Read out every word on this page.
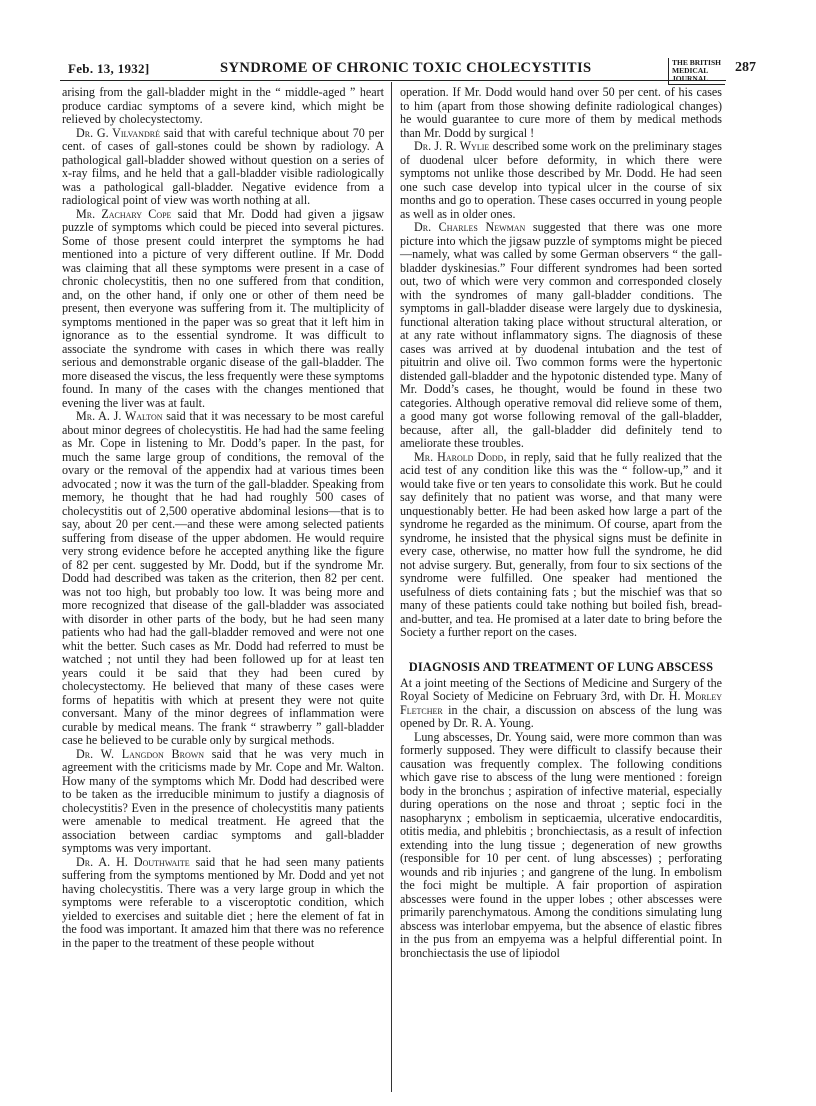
Feb. 13, 1932]	SYNDROME OF CHRONIC TOXIC CHOLECYSTITIS	THE BRITISH
MEDICAL JOURNAL
287

arising from the gall-bladder might in the “ middle-aged ” heart produce cardiac symptoms of a severe kind, which might be relieved by cholecystectomy.

Dr. G. Vilvandré said that with careful technique about 70 per cent. of cases of gall-stones could be shown by radiology. A pathological gall-bladder showed without question on a series of x-ray films, and he held that a gall-bladder visible radiologically was a pathological gall-bladder. Negative evidence from a radiological point of view was worth nothing at all.

Mr. Zachary Cope said that Mr. Dodd had given a jigsaw puzzle of symptoms which could be pieced into several pictures. Some of those present could interpret the symptoms he had mentioned into a picture of very different outline. If Mr. Dodd was claiming that all these symptoms were present in a case of chronic cholecystitis, then no one suffered from that condition, and, on the other hand, if only one or other of them need be present, then everyone was suffering from it. The multiplicity of symptoms mentioned in the paper was so great that it left him in ignorance as to the essential syndrome. It was difficult to associate the syndrome with cases in which there was really serious and demonstrable organic disease of the gall-bladder. The more diseased the viscus, the less frequently were these symptoms found. In many of the cases with the changes mentioned that evening the liver was at fault.

Mr. A. J. Walton said that it was necessary to be most careful about minor degrees of cholecystitis. He had had the same feeling as Mr. Cope in listening to Mr. Dodd’s paper. In the past, for much the same large group of conditions, the removal of the ovary or the removal of the appendix had at various times been advocated ; now it was the turn of the gall-bladder. Speaking from memory, he thought that he had had roughly 500 cases of cholecystitis out of 2,500 operative abdominal lesions—that is to say, about 20 per cent.—and these were among selected patients suffering from disease of the upper abdomen. He would require very strong evidence before he accepted anything like the figure of 82 per cent. suggested by Mr. Dodd, but if the syndrome Mr. Dodd had described was taken as the criterion, then 82 per cent. was not too high, but probably too low. It was being more and more recognized that disease of the gall-bladder was associated with disorder in other parts of the body, but he had seen many patients who had had the gall-bladder removed and were not one whit the better. Such cases as Mr. Dodd had referred to must be watched ; not until they had been followed up for at least ten years could it be said that they had been cured by cholecystectomy. He believed that many of these cases were forms of hepatitis with which at present they were not quite conversant. Many of the minor degrees of inflammation were curable by medical means. The frank “ strawberry ” gall-bladder case he believed to be curable only by surgical methods.

Dr. W. Langdon Brown said that he was very much in agreement with the criticisms made by Mr. Cope and Mr. Walton. How many of the symptoms which Mr. Dodd had described were to be taken as the irreducible minimum to justify a diagnosis of cholecystitis? Even in the presence of cholecystitis many patients were amenable to medical treatment. He agreed that the association between cardiac symptoms and gall-bladder symptoms was very important.

Dr. A. H. Douthwaite said that he had seen many patients suffering from the symptoms mentioned by Mr. Dodd and yet not having cholecystitis. There was a very large group in which the symptoms were referable to a visceroptotic condition, which yielded to exercises and suitable diet ; here the element of fat in the food was important. It amazed him that there was no reference in the paper to the treatment of these people without

operation. If Mr. Dodd would hand over 50 per cent. of his cases to him (apart from those showing definite radiological changes) he would guarantee to cure more of them by medical methods than Mr. Dodd by surgical !

Dr. J. R. Wylie described some work on the preliminary stages of duodenal ulcer before deformity, in which there were symptoms not unlike those described by Mr. Dodd. He had seen one such case develop into typical ulcer in the course of six months and go to operation. These cases occurred in young people as well as in older ones.

Dr. Charles Newman suggested that there was one more picture into which the jigsaw puzzle of symptoms might be pieced—namely, what was called by some German observers “ the gall-bladder dyskinesias.” Four different syndromes had been sorted out, two of which were very common and corresponded closely with the syndromes of many gall-bladder conditions. The symptoms in gall-bladder disease were largely due to dyskinesia, functional alteration taking place without structural alteration, or at any rate without inflammatory signs. The diagnosis of these cases was arrived at by duodenal intubation and the test of pituitrin and olive oil. Two common forms were the hypertonic distended gall-bladder and the hypotonic distended type. Many of Mr. Dodd’s cases, he thought, would be found in these two categories. Although operative removal did relieve some of them, a good many got worse following removal of the gall-bladder, because, after all, the gall-bladder did definitely tend to ameliorate these troubles.

Mr. Harold Dodd, in reply, said that he fully realized that the acid test of any condition like this was the “ follow-up,” and it would take five or ten years to consolidate this work. But he could say definitely that no patient was worse, and that many were unquestionably better. He had been asked how large a part of the syndrome he regarded as the minimum. Of course, apart from the syndrome, he insisted that the physical signs must be definite in every case, otherwise, no matter how full the syndrome, he did not advise surgery. But, generally, from four to six sections of the syndrome were fulfilled. One speaker had mentioned the usefulness of diets containing fats ; but the mischief was that so many of these patients could take nothing but boiled fish, bread-and-butter, and tea. He promised at a later date to bring before the Society a further report on the cases.

DIAGNOSIS AND TREATMENT OF LUNG ABSCESS

At a joint meeting of the Sections of Medicine and Surgery of the Royal Society of Medicine on February 3rd, with Dr. H. Morley Fletcher in the chair, a discussion on abscess of the lung was opened by Dr. R. A. Young.

Lung abscesses, Dr. Young said, were more common than was formerly supposed. They were difficult to classify because their causation was frequently complex. The following conditions which gave rise to abscess of the lung were mentioned : foreign body in the bronchus ; aspiration of infective material, especially during operations on the nose and throat ; septic foci in the nasopharynx ; embolism in septicaemia, ulcerative endocarditis, otitis media, and phlebitis ; bronchiectasis, as a result of infection extending into the lung tissue ; degeneration of new growths (responsible for 10 per cent. of lung abscesses) ; perforating wounds and rib injuries ; and gangrene of the lung. In embolism the foci might be multiple. A fair proportion of aspiration abscesses were found in the upper lobes ; other abscesses were primarily parenchymatous. Among the conditions simulating lung abscess was interlobar empyema, but the absence of elastic fibres in the pus from an empyema was a helpful differential point. In bronchiectasis the use of lipiodol
